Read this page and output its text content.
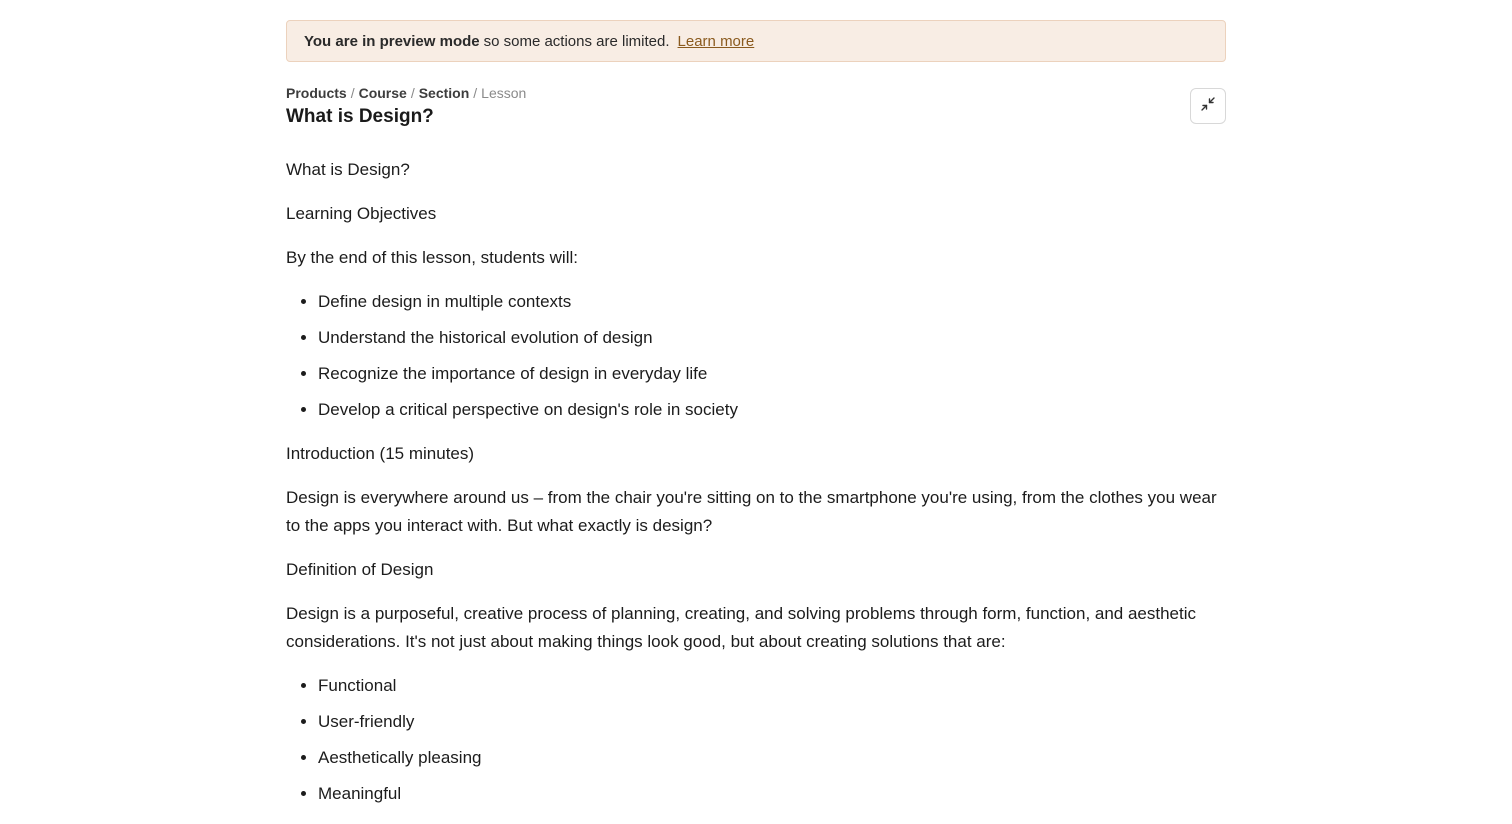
You are in preview mode so some actions are limited. Learn more
Products / Course / Section / Lesson
What is Design?

What is Design?

Learning Objectives

By the end of this lesson, students will:

• Define design in multiple contexts
• Understand the historical evolution of design
• Recognize the importance of design in everyday life
• Develop a critical perspective on design's role in society

Introduction (15 minutes)

Design is everywhere around us – from the chair you're sitting on to the smartphone you're using, from the clothes you wear to the apps you interact with. But what exactly is design?

Definition of Design

Design is a purposeful, creative process of planning, creating, and solving problems through form, function, and aesthetic considerations. It's not just about making things look good, but about creating solutions that are:

• Functional
• User-friendly
• Aesthetically pleasing
• Meaningful
